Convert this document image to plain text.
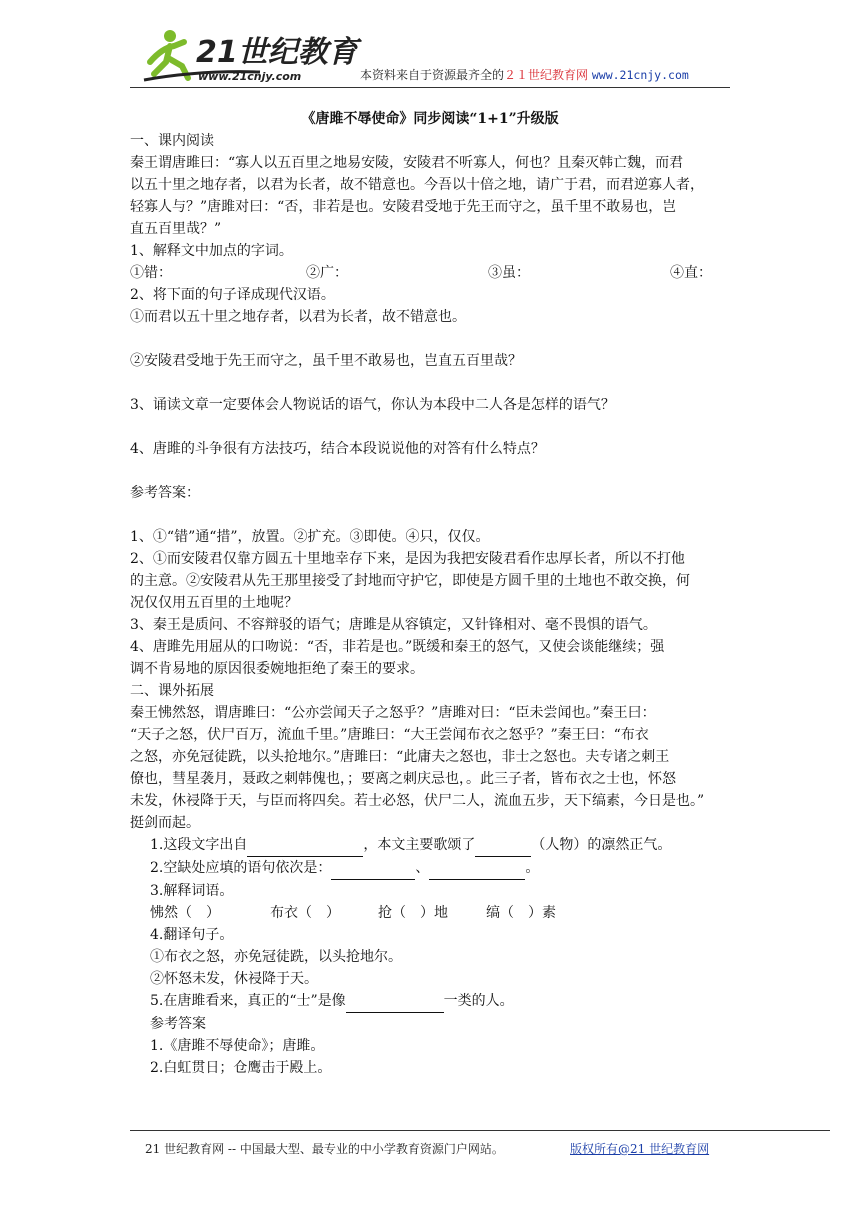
21世纪教育
www.21cnjy.com	本资料来自于资源最齐全的２１世纪教育网 www.21cnjy.com

《唐雎不辱使命》同步阅读“1+1”升级版

一、课内阅读

秦王谓唐雎曰：“寡人以五百里之地易安陵，安陵君不听寡人，何也？且秦灭韩亡魏，而君

以五十里之地存者，以君为长者，故不错意也。今吾以十倍之地，请广于君，而君逆寡人者，

轻寡人与？”唐雎对曰：“否，非若是也。安陵君受地于先王而守之，虽千里不敢易也，岂

直五百里哉？”

1、解释文中加点的字词。

①错：	②广：	③虽：	④直：

2、将下面的句子译成现代汉语。

①而君以五十里之地存者，以君为长者，故不错意也。

②安陵君受地于先王而守之，虽千里不敢易也，岂直五百里哉？

3、诵读文章一定要体会人物说话的语气，你认为本段中二人各是怎样的语气？

4、唐雎的斗争很有方法技巧，结合本段说说他的对答有什么特点？

参考答案：

1、①“错”通“措”，放置。②扩充。③即使。④只，仅仅。

2、①而安陵君仅靠方圆五十里地幸存下来，是因为我把安陵君看作忠厚长者，所以不打他

的主意。②安陵君从先王那里接受了封地而守护它，即使是方圆千里的土地也不敢交换，何

况仅仅用五百里的土地呢？

3、秦王是质问、不容辩驳的语气；唐雎是从容镇定，又针锋相对、毫不畏惧的语气。

4、唐雎先用屈从的口吻说：“否，非若是也。”既缓和秦王的怒气，又使会谈能继续；强

调不肯易地的原因很委婉地拒绝了秦王的要求。

二、课外拓展

秦王怫然怒，谓唐雎曰：“公亦尝闻天子之怒乎？”唐雎对曰：“臣未尝闻也。”秦王曰：

“天子之怒，伏尸百万，流血千里。”唐雎曰：“大王尝闻布衣之怒乎？”秦王曰：“布衣

之怒，亦免冠徒跣，以头抢地尔。”唐雎曰：“此庸夫之怒也，非士之怒也。夫专诸之刺王

僚也，彗星袭月，聂政之刺韩傀也，；要离之刺庆忌也，。此三子者，皆布衣之士也，怀怒

未发，休祲降于天，与臣而将四矣。若士必怒，伏尸二人，流血五步，天下缟素，今日是也。”

挺剑而起。

1.这段文字出自	，本文主要歌颂了	（人物）的凛然正气。

2.空缺处应填的语句依次是：	、	。

3.解释词语。

怫然（　）	布衣（　）	抢（　）地	缟（　）素

4.翻译句子。

①布衣之怒，亦免冠徒跣，以头抢地尔。

②怀怒未发，休祲降于天。

5.在唐雎看来，真正的“士”是像	一类的人。

参考答案

1.《唐雎不辱使命》；唐雎。

2.白虹贯日；仓鹰击于殿上。

21 世纪教育网 -- 中国最大型、最专业的中小学教育资源门户网站。	版权所有@21 世纪教育网
